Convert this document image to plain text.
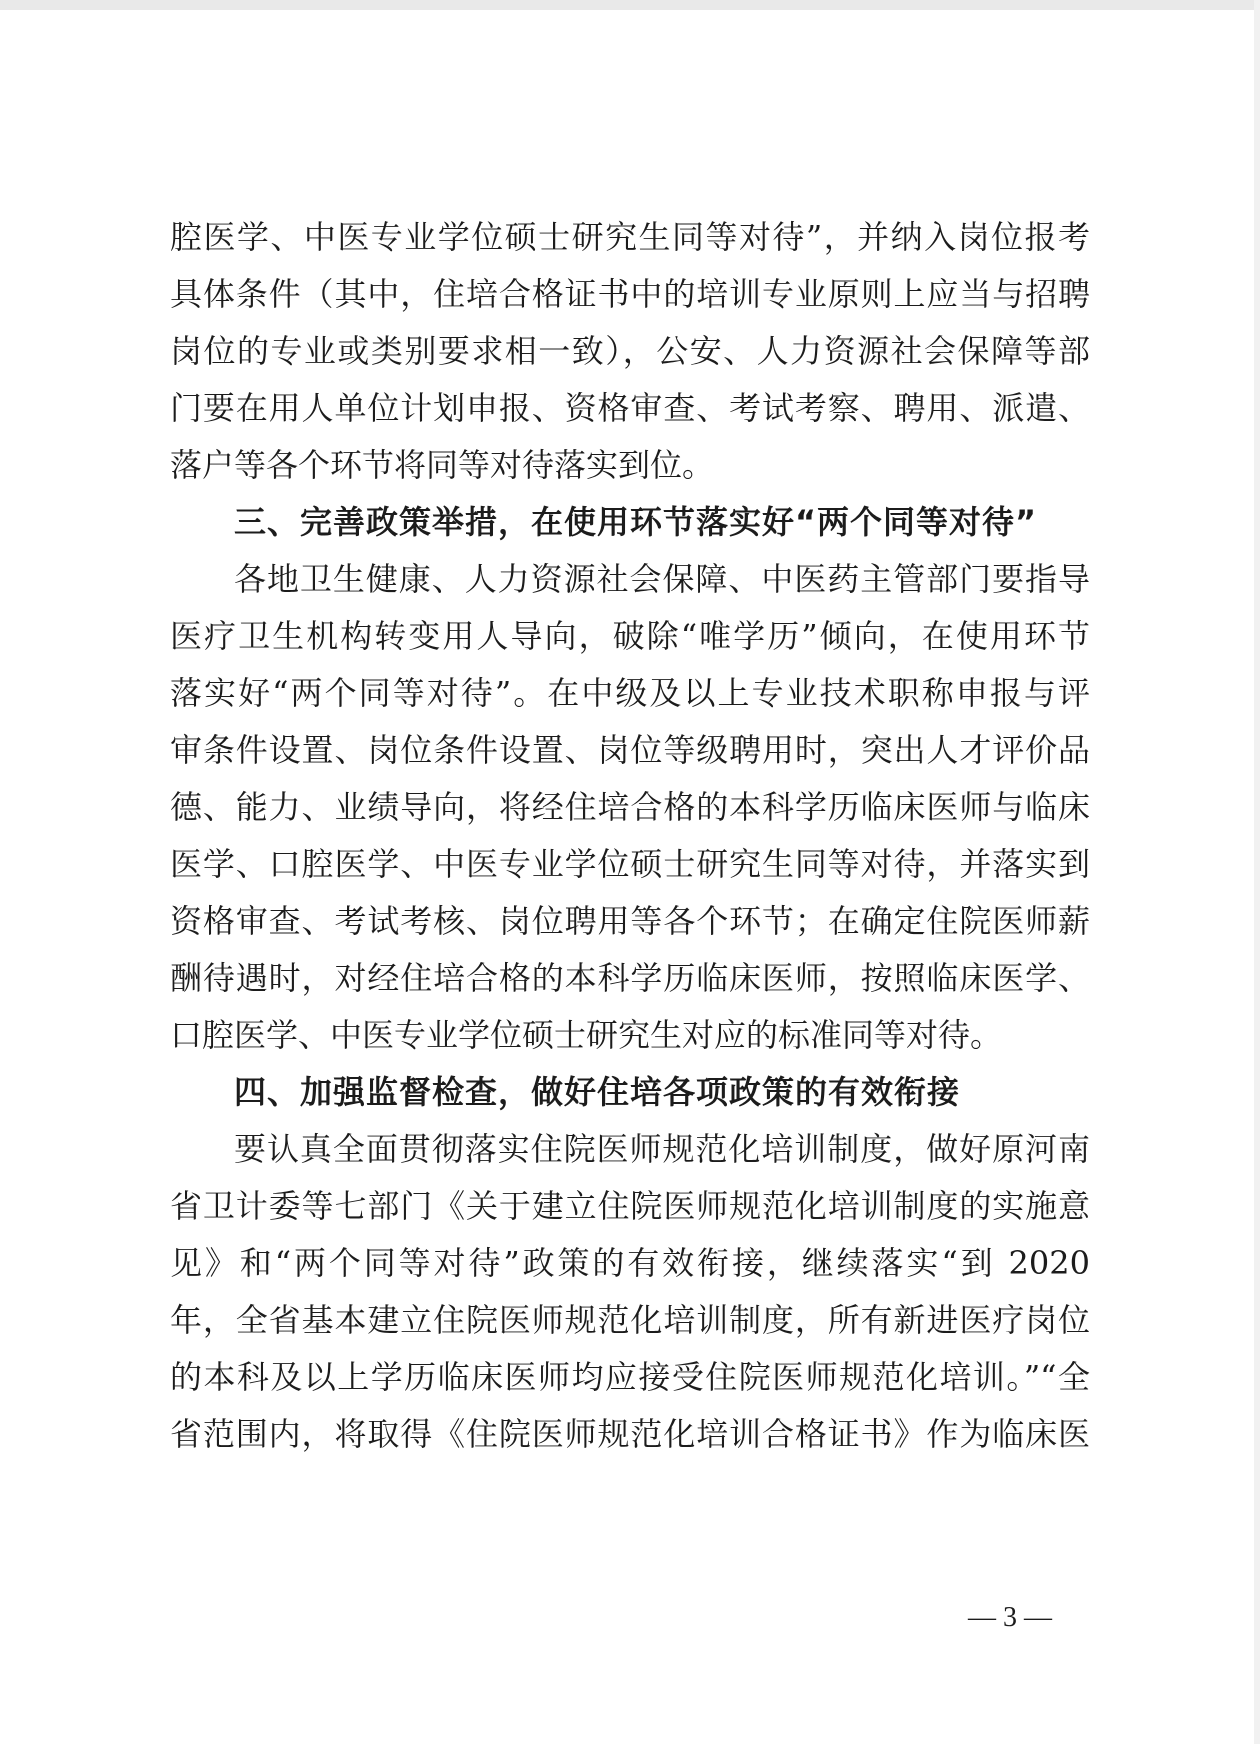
腔医学、中医专业学位硕士研究生同等对待”，并纳入岗位报考
具体条件（其中，住培合格证书中的培训专业原则上应当与招聘
岗位的专业或类别要求相一致），公安、人力资源社会保障等部
门要在用人单位计划申报、资格审查、考试考察、聘用、派遣、
落户等各个环节将同等对待落实到位。
三、完善政策举措，在使用环节落实好“两个同等对待”
各地卫生健康、人力资源社会保障、中医药主管部门要指导
医疗卫生机构转变用人导向，破除“唯学历”倾向，在使用环节
落实好“两个同等对待”。在中级及以上专业技术职称申报与评
审条件设置、岗位条件设置、岗位等级聘用时，突出人才评价品
德、能力、业绩导向，将经住培合格的本科学历临床医师与临床
医学、口腔医学、中医专业学位硕士研究生同等对待，并落实到
资格审查、考试考核、岗位聘用等各个环节；在确定住院医师薪
酬待遇时，对经住培合格的本科学历临床医师，按照临床医学、
口腔医学、中医专业学位硕士研究生对应的标准同等对待。
四、加强监督检查，做好住培各项政策的有效衔接
要认真全面贯彻落实住院医师规范化培训制度，做好原河南
省卫计委等七部门《关于建立住院医师规范化培训制度的实施意
见》和“两个同等对待”政策的有效衔接，继续落实“到 2020
年，全省基本建立住院医师规范化培训制度，所有新进医疗岗位
的本科及以上学历临床医师均应接受住院医师规范化培训。”“全
省范围内，将取得《住院医师规范化培训合格证书》作为临床医
— 3 —
